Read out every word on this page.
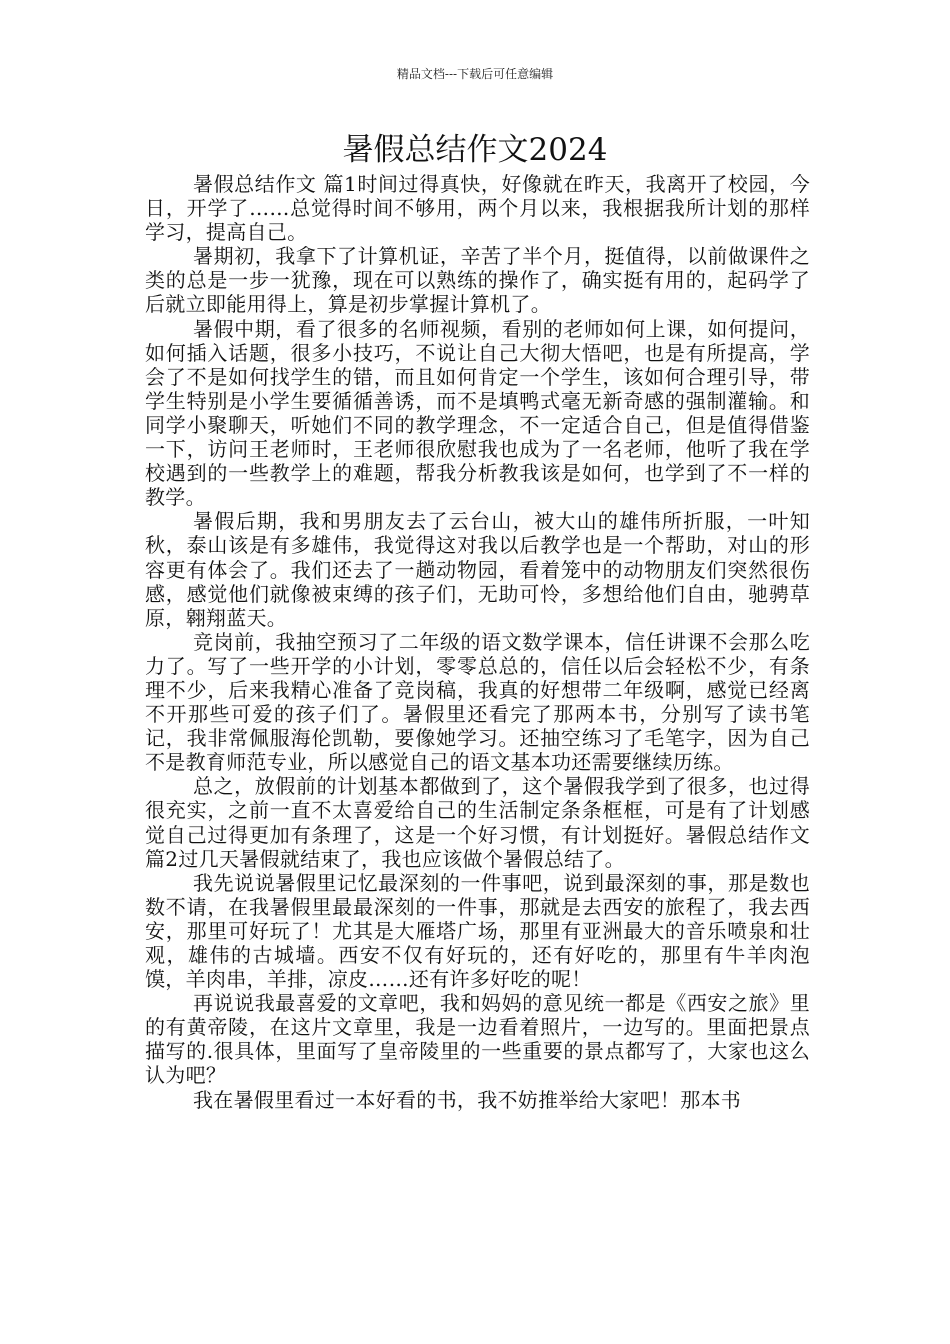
精品文档---下载后可任意编辑
暑假总结作文2024

暑假总结作文 篇1时间过得真快，好像就在昨天，我离开了校园，今日，开学了……总觉得时间不够用，两个月以来，我根据我所计划的那样学习，提高自己。

暑期初，我拿下了计算机证，辛苦了半个月，挺值得，以前做课件之类的总是一步一犹豫，现在可以熟练的操作了，确实挺有用的，起码学了后就立即能用得上，算是初步掌握计算机了。

暑假中期，看了很多的名师视频，看别的老师如何上课，如何提问，如何插入话题，很多小技巧，不说让自己大彻大悟吧，也是有所提高，学会了不是如何找学生的错，而且如何肯定一个学生，该如何合理引导，带学生特别是小学生要循循善诱，而不是填鸭式毫无新奇感的强制灌输。和同学小聚聊天，听她们不同的教学理念，不一定适合自己，但是值得借鉴一下，访问王老师时，王老师很欣慰我也成为了一名老师，他听了我在学校遇到的一些教学上的难题，帮我分析教我该是如何，也学到了不一样的教学。

暑假后期，我和男朋友去了云台山，被大山的雄伟所折服，一叶知秋，泰山该是有多雄伟，我觉得这对我以后教学也是一个帮助，对山的形容更有体会了。我们还去了一趟动物园，看着笼中的动物朋友们突然很伤感，感觉他们就像被束缚的孩子们，无助可怜，多想给他们自由，驰骋草原，翱翔蓝天。

竞岗前，我抽空预习了二年级的语文数学课本，信任讲课不会那么吃力了。写了一些开学的小计划，零零总总的，信任以后会轻松不少，有条理不少，后来我精心准备了竞岗稿，我真的好想带二年级啊，感觉已经离不开那些可爱的孩子们了。暑假里还看完了那两本书，分别写了读书笔记，我非常佩服海伦凯勒，要像她学习。还抽空练习了毛笔字，因为自己不是教育师范专业，所以感觉自己的语文基本功还需要继续历练。

总之，放假前的计划基本都做到了，这个暑假我学到了很多，也过得很充实，之前一直不太喜爱给自己的生活制定条条框框，可是有了计划感觉自己过得更加有条理了，这是一个好习惯，有计划挺好。暑假总结作文 篇2过几天暑假就结束了，我也应该做个暑假总结了。

我先说说暑假里记忆最深刻的一件事吧，说到最深刻的事，那是数也数不请，在我暑假里最最深刻的一件事，那就是去西安的旅程了，我去西安，那里可好玩了！尤其是大雁塔广场，那里有亚洲最大的音乐喷泉和壮观，雄伟的古城墙。西安不仅有好玩的，还有好吃的，那里有牛羊肉泡馍，羊肉串，羊排，凉皮……还有许多好吃的呢！

再说说我最喜爱的文章吧，我和妈妈的意见统一都是《西安之旅》里的有黄帝陵，在这片文章里，我是一边看着照片，一边写的。里面把景点描写的.很具体，里面写了皇帝陵里的一些重要的景点都写了，大家也这么认为吧？

我在暑假里看过一本好看的书，我不妨推举给大家吧！那本书
